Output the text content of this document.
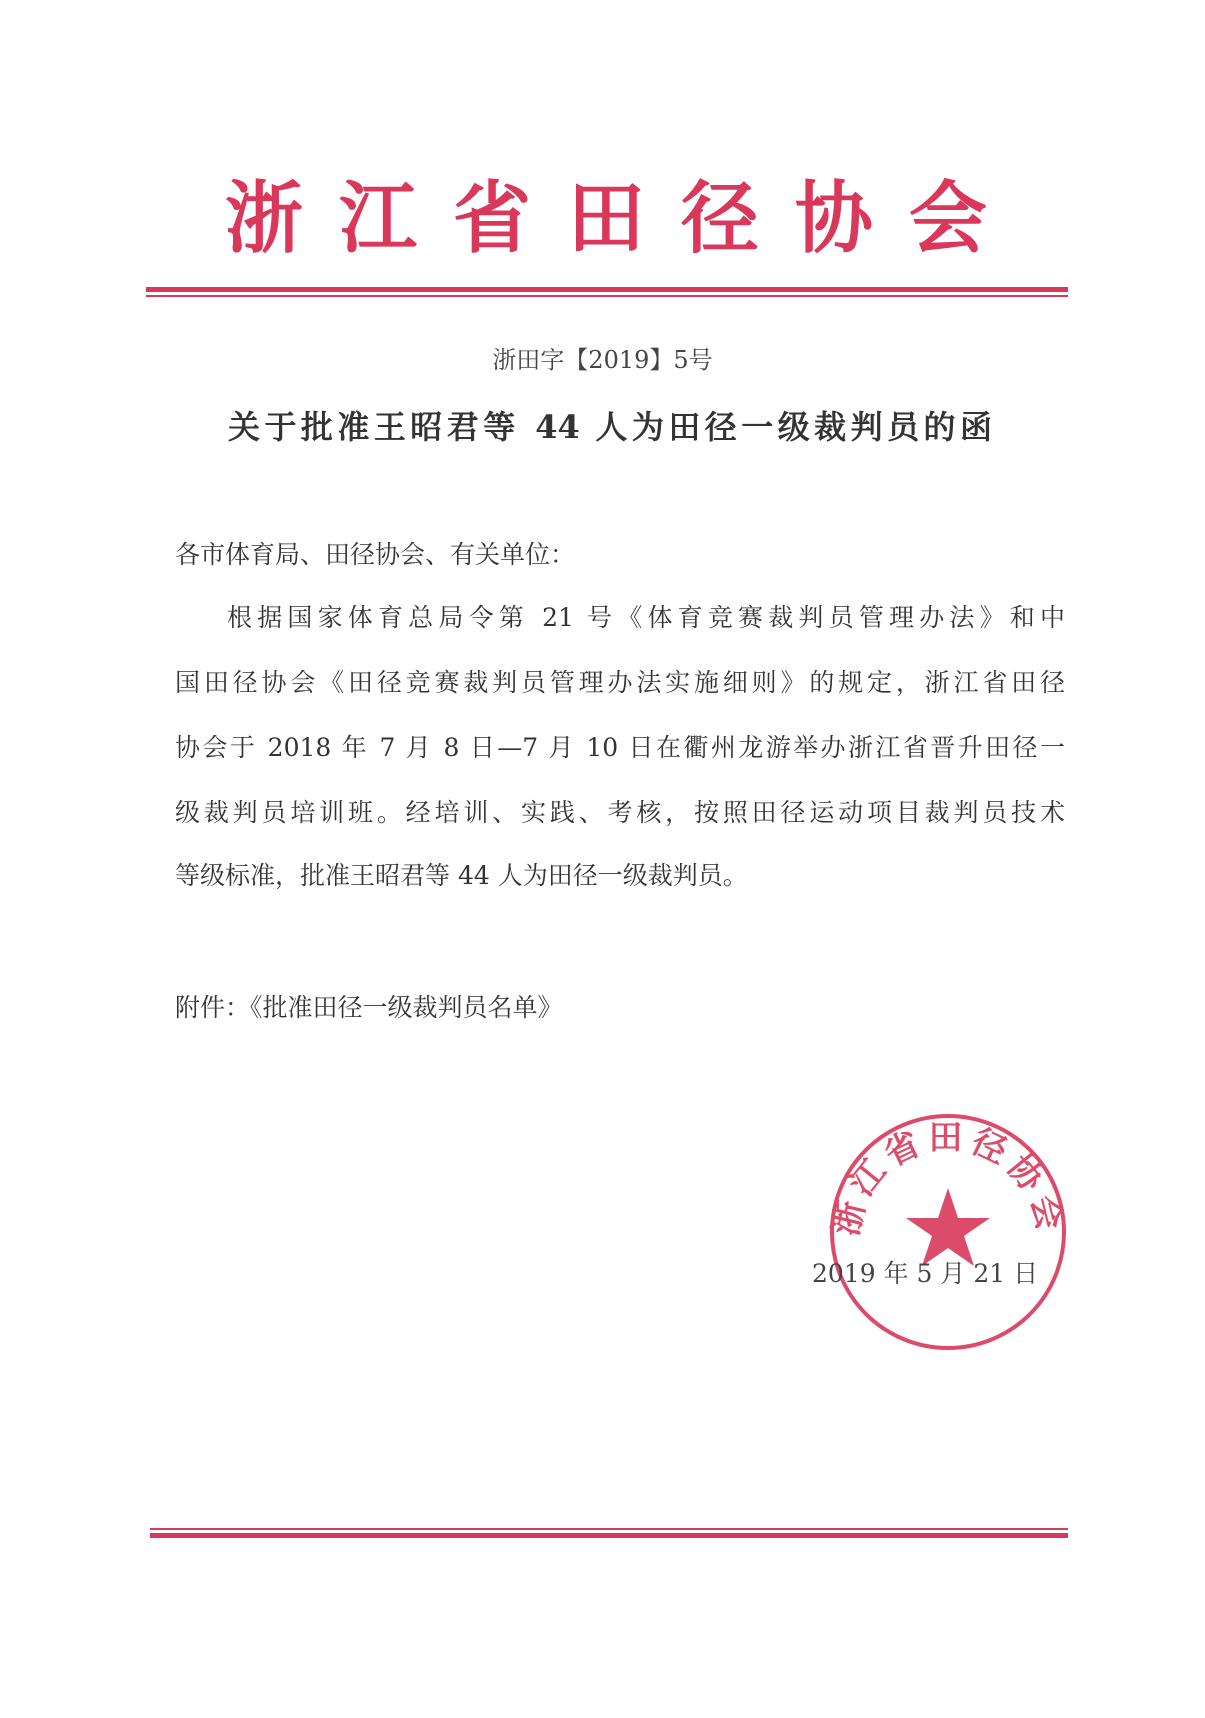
浙 江 省 田 径 协 会
浙田字【2019】5号
关于批准王昭君等 44 人为田径一级裁判员的函
各市体育局、田径协会、有关单位：
根据国家体育总局令第 21 号《体育竞赛裁判员管理办法》和中
国田径协会《田径竞赛裁判员管理办法实施细则》的规定，浙江省田径
协会于 2018 年 7 月 8 日—7 月 10 日在衢州龙游举办浙江省晋升田径一
级裁判员培训班。经培训、实践、考核，按照田径运动项目裁判员技术
等级标准，批准王昭君等 44 人为田径一级裁判员。
附件：《批准田径一级裁判员名单》
浙江省田径协会
2019 年 5 月 21 日
